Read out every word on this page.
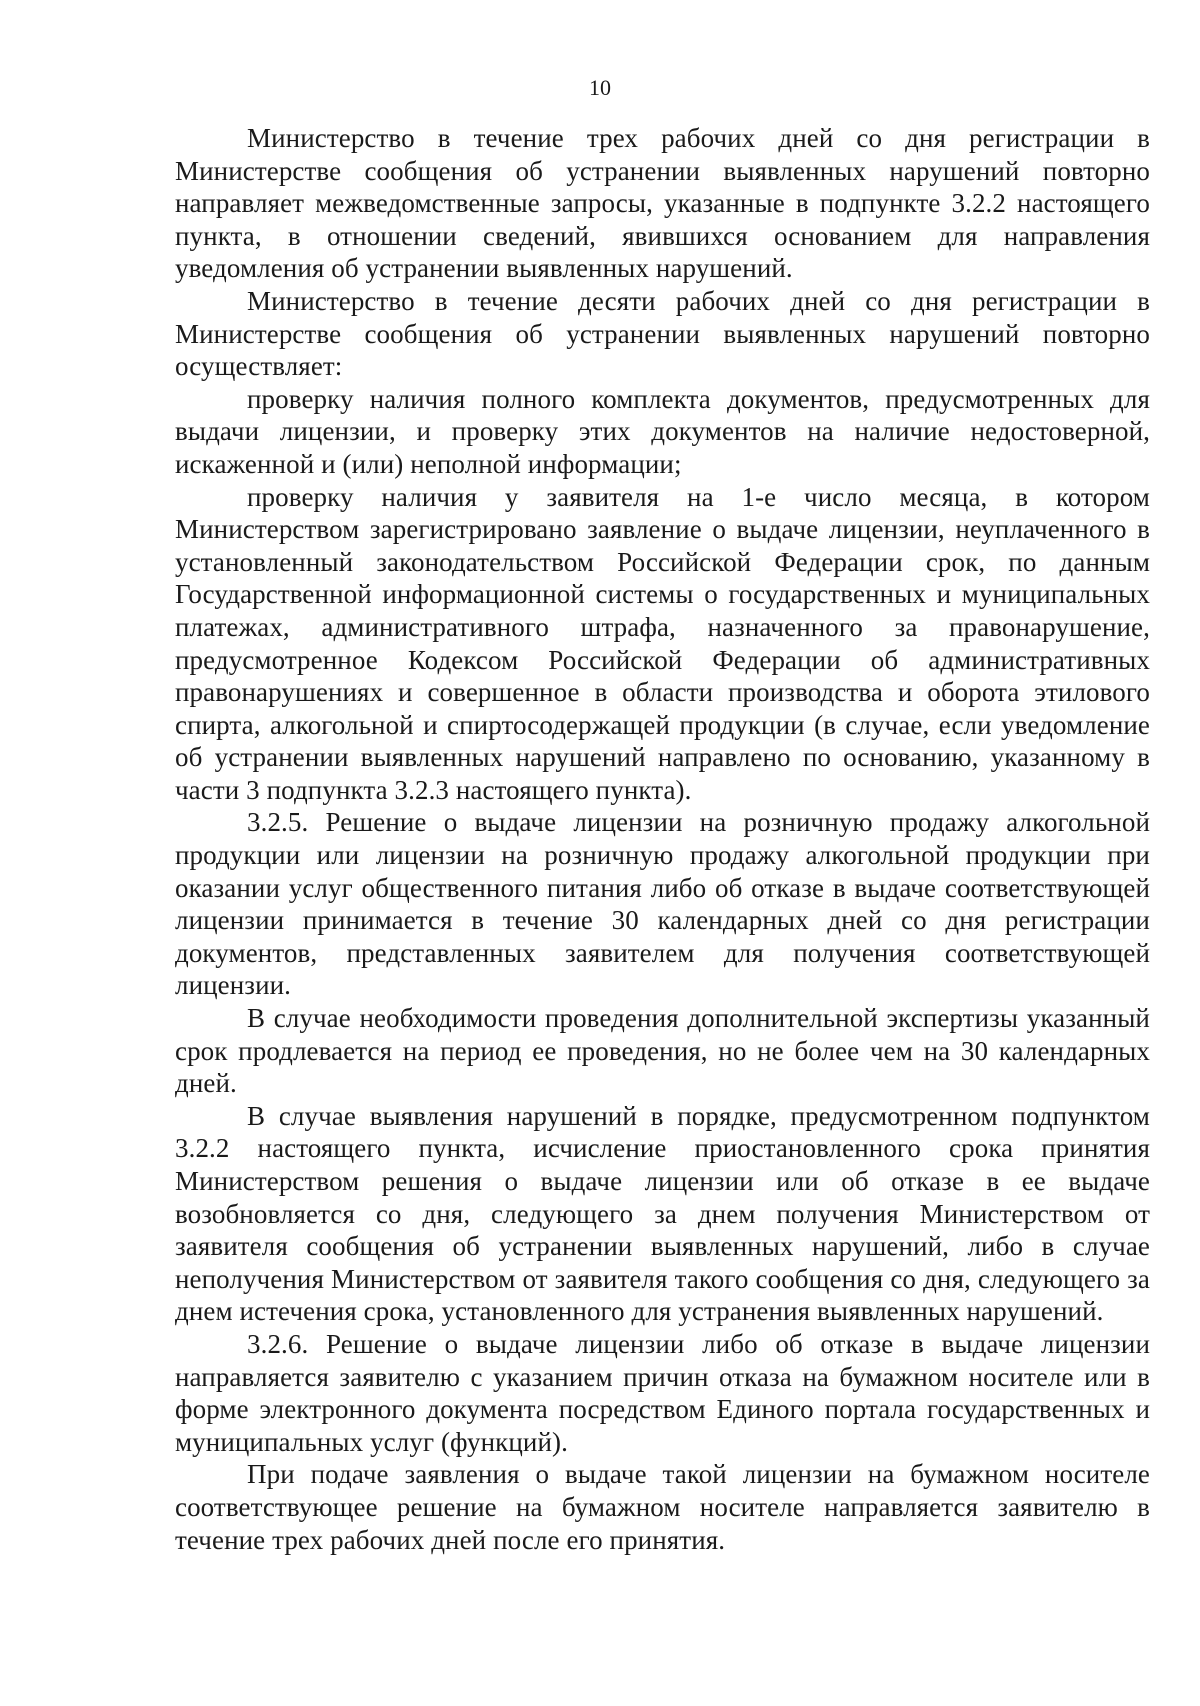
10

Министерство в течение трех рабочих дней со дня регистрации в Министерстве сообщения об устранении выявленных нарушений повторно направляет межведомственные запросы, указанные в подпункте 3.2.2 настоящего пункта, в отношении сведений, явившихся основанием для направления уведомления об устранении выявленных нарушений.

Министерство в течение десяти рабочих дней со дня регистрации в Министерстве сообщения об устранении выявленных нарушений повторно осуществляет:

проверку наличия полного комплекта документов, предусмотренных для выдачи лицензии, и проверку этих документов на наличие недостоверной, искаженной и (или) неполной информации;

проверку наличия у заявителя на 1-е число месяца, в котором Министерством зарегистрировано заявление о выдаче лицензии, неуплаченного в установленный законодательством Российской Федерации срок, по данным Государственной информационной системы о государственных и муниципальных платежах, административного штрафа, назначенного за правонарушение, предусмотренное Кодексом Российской Федерации об административных правонарушениях и совершенное в области производства и оборота этилового спирта, алкогольной и спиртосодержащей продукции (в случае, если уведомление об устранении выявленных нарушений направлено по основанию, указанному в части 3 подпункта 3.2.3 настоящего пункта).

3.2.5. Решение о выдаче лицензии на розничную продажу алкогольной продукции или лицензии на розничную продажу алкогольной продукции при оказании услуг общественного питания либо об отказе в выдаче соответствующей лицензии принимается в течение 30 календарных дней со дня регистрации документов, представленных заявителем для получения соответствующей лицензии.

В случае необходимости проведения дополнительной экспертизы указанный срок продлевается на период ее проведения, но не более чем на 30 календарных дней.

В случае выявления нарушений в порядке, предусмотренном подпунктом 3.2.2 настоящего пункта, исчисление приостановленного срока принятия Министерством решения о выдаче лицензии или об отказе в ее выдаче возобновляется со дня, следующего за днем получения Министерством от заявителя сообщения об устранении выявленных нарушений, либо в случае неполучения Министерством от заявителя такого сообщения со дня, следующего за днем истечения срока, установленного для устранения выявленных нарушений.

3.2.6. Решение о выдаче лицензии либо об отказе в выдаче лицензии направляется заявителю с указанием причин отказа на бумажном носителе или в форме электронного документа посредством Единого портала государственных и муниципальных услуг (функций).

При подаче заявления о выдаче такой лицензии на бумажном носителе соответствующее решение на бумажном носителе направляется заявителю в течение трех рабочих дней после его принятия.
